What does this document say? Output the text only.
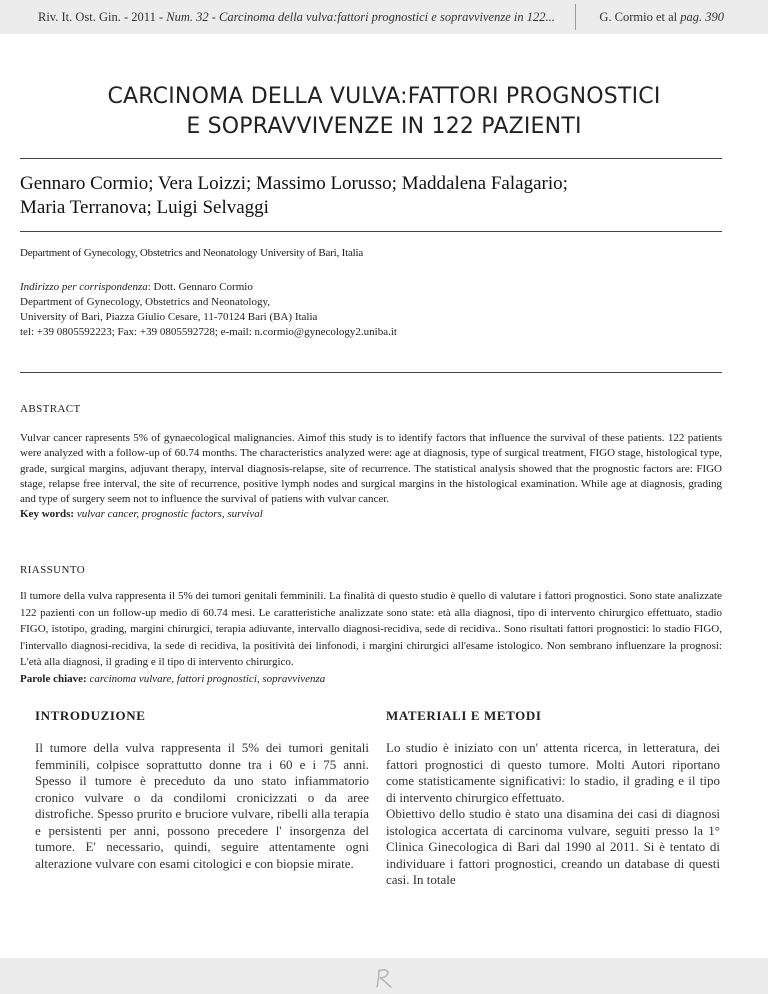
Riv. It. Ost. Gin. - 2011 - Num. 32 - Carcinoma della vulva:fattori prognostici e sopravvivenze in 122...	G. Cormio et al pag. 390
CARCINOMA DELLA VULVA:FATTORI PROGNOSTICI
E SOPRAVVIVENZE IN 122 PAZIENTI

Gennaro Cormio; Vera Loizzi; Massimo Lorusso; Maddalena Falagario;
Maria Terranova; Luigi Selvaggi

Department of Gynecology, Obstetrics and Neonatology University of Bari, Italia
Indirizzo per corrispondenza: Dott. Gennaro Cormio
Department of Gynecology, Obstetrics and Neonatology,
University of Bari, Piazza Giulio Cesare, 11-70124 Bari (BA) Italia
tel: +39 0805592223; Fax: +39 0805592728; e-mail: n.cormio@gynecology2.uniba.it
ABSTRACT

Vulvar cancer rapresents 5% of gynaecological malignancies. Aimof this study is to identify factors that influence the survival of these patients. 122 patients were analyzed with a follow-up of 60.74 months. The characteristics analyzed were: age at diagnosis, type of surgical treatment, FIGO stage, histological type, grade, surgical margins, adjuvant therapy, interval diagnosis-relapse, site of recurrence. The statistical analysis showed that the prognostic factors are: FIGO stage, relapse free interval, the site of recurrence, positive lymph nodes and surgical margins in the histological examination. While age at diagnosis, grading and type of surgery seem not to influence the survival of patiens with vulvar cancer.
Key words: vulvar cancer, prognostic factors, survival

RIASSUNTO

Il tumore della vulva rappresenta il 5% dei tumori genitali femminili. La finalità di questo studio è quello di valutare i fattori prognostici. Sono state analizzate 122 pazienti con un follow-up medio di 60.74 mesi. Le caratteristiche analizzate sono state: età alla diagnosi, tipo di intervento chirurgico effettuato, stadio FIGO, istotipo, grading, margini chirurgici, terapia adiuvante, intervallo diagnosi-recidiva, sede di recidiva.. Sono risultati fattori prognostici: lo stadio FIGO, l'intervallo diagnosi-recidiva, la sede di recidiva, la positività dei linfonodi, i margini chirurgici all'esame istologico. Non sembrano influenzare la prognosi: L'età alla diagnosi, il grading e il tipo di intervento chirurgico.
Parole chiave: carcinoma vulvare, fattori prognostici, sopravvivenza

INTRODUZIONE

Il tumore della vulva rappresenta il 5% dei tumori genitali femminili, colpisce soprattutto donne tra i 60 e i 75 anni. Spesso il tumore è preceduto da uno stato infiammatorio cronico vulvare o da condilomi cronicizzati o da aree distrofiche. Spesso prurito e bruciore vulvare, ribelli alla terapia e persistenti per anni, possono precedere l' insorgenza del tumore. E' necessario, quindi, seguire attentamente ogni alterazione vulvare con esami citologici e con biopsie mirate.

MATERIALI E METODI

Lo studio è iniziato con un' attenta ricerca, in letteratura, dei fattori prognostici di questo tumore. Molti Autori riportano come statisticamente significativi: lo stadio, il grading e il tipo di intervento chirurgico effettuato.

Obiettivo dello studio è stato una disamina dei casi di diagnosi istologica accertata di carcinoma vulvare, seguiti presso la 1° Clinica Ginecologica di Bari dal 1990 al 2011. Si è tentato di individuare i fattori prognostici, creando un database di questi casi. In totale
